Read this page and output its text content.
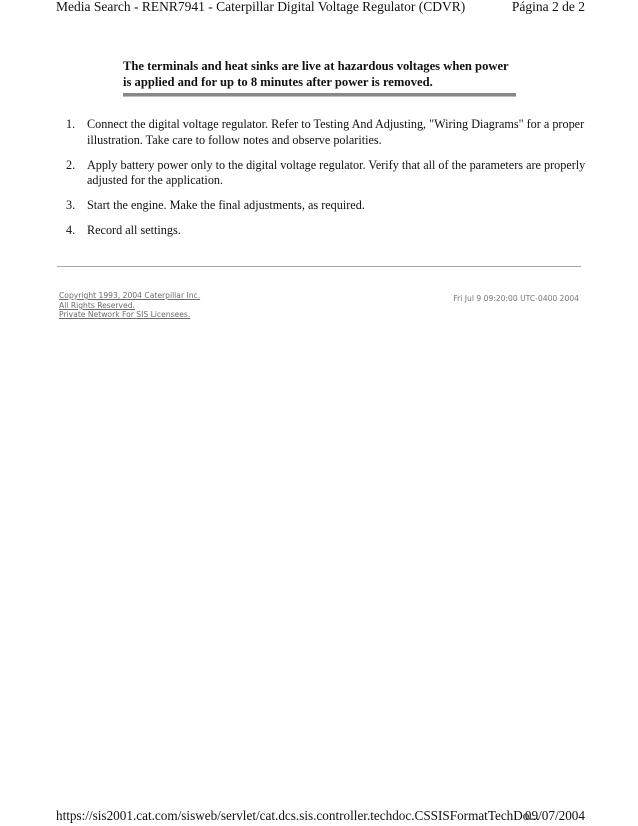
Media Search - RENR7941 - Caterpillar Digital Voltage Regulator (CDVR)	Página 2 de 2
The terminals and heat sinks are live at hazardous voltages when power is applied and for up to 8 minutes after power is removed.
1. Connect the digital voltage regulator. Refer to Testing And Adjusting, "Wiring Diagrams" for a proper illustration. Take care to follow notes and observe polarities.
2. Apply battery power only to the digital voltage regulator. Verify that all of the parameters are properly adjusted for the application.
3. Start the engine. Make the final adjustments, as required.
4. Record all settings.
Copyright 1993, 2004 Caterpillar Inc.
All Rights Reserved.
Private Network For SIS Licensees.
Fri Jul 9 09:20:00 UTC-0400 2004
https://sis2001.cat.com/sisweb/servlet/cat.dcs.sis.controller.techdoc.CSSISFormatTechDo...
09/07/2004
